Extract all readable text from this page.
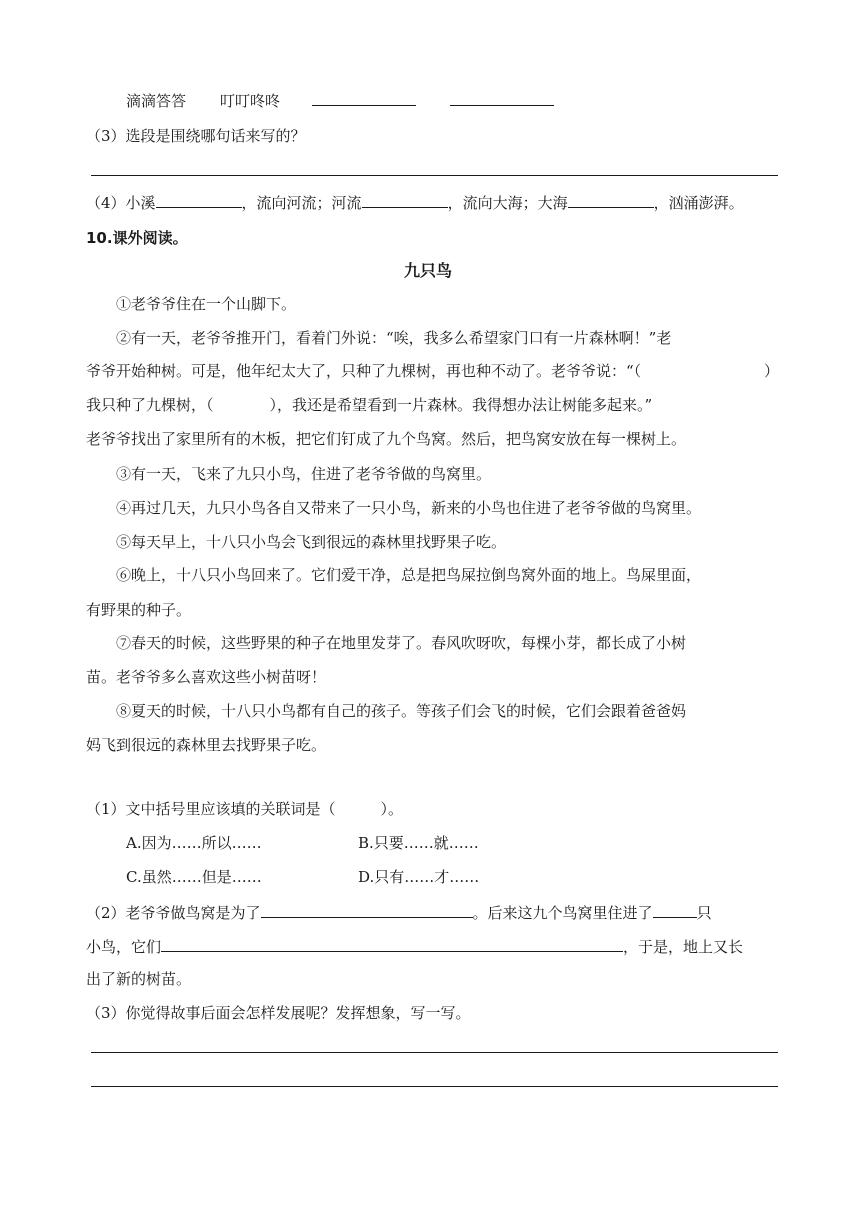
滴滴答答 叮叮咚咚
（3）选段是围绕哪句话来写的？
（4）小溪	，流向河流；河流	，流向大海；大海	，汹涌澎湃。
10.课外阅读。
九只鸟
①老爷爷住在一个山脚下。
②有一天，老爷爷推开门，看着门外说：“唉，我多么希望家门口有一片森林啊！”老
爷爷开始种树。可是，他年纪太大了，只种了九棵树，再也种不动了。老爷爷说：“（	）
我只种了九棵树，（	），我还是希望看到一片森林。我得想办法让树能多起来。”
老爷爷找出了家里所有的木板，把它们钉成了九个鸟窝。然后，把鸟窝安放在每一棵树上。
③有一天，飞来了九只小鸟，住进了老爷爷做的鸟窝里。
④再过几天，九只小鸟各自又带来了一只小鸟，新来的小鸟也住进了老爷爷做的鸟窝里。
⑤每天早上，十八只小鸟会飞到很远的森林里找野果子吃。
⑥晚上，十八只小鸟回来了。它们爱干净，总是把鸟屎拉倒鸟窝外面的地上。鸟屎里面，
有野果的种子。
⑦春天的时候，这些野果的种子在地里发芽了。春风吹呀吹，每棵小芽，都长成了小树
苗。老爷爷多么喜欢这些小树苗呀！
⑧夏天的时候，十八只小鸟都有自己的孩子。等孩子们会飞的时候，它们会跟着爸爸妈
妈飞到很远的森林里去找野果子吃。
（1）文中括号里应该填的关联词是（　　　）。
A.因为……所以……	B.只要……就……
C.虽然……但是……	D.只有……才……
（2）老爷爷做鸟窝是为了	。后来这九个鸟窝里住进了	只
小鸟，它们	，于是，地上又长
出了新的树苗。
（3）你觉得故事后面会怎样发展呢？发挥想象，写一写。
